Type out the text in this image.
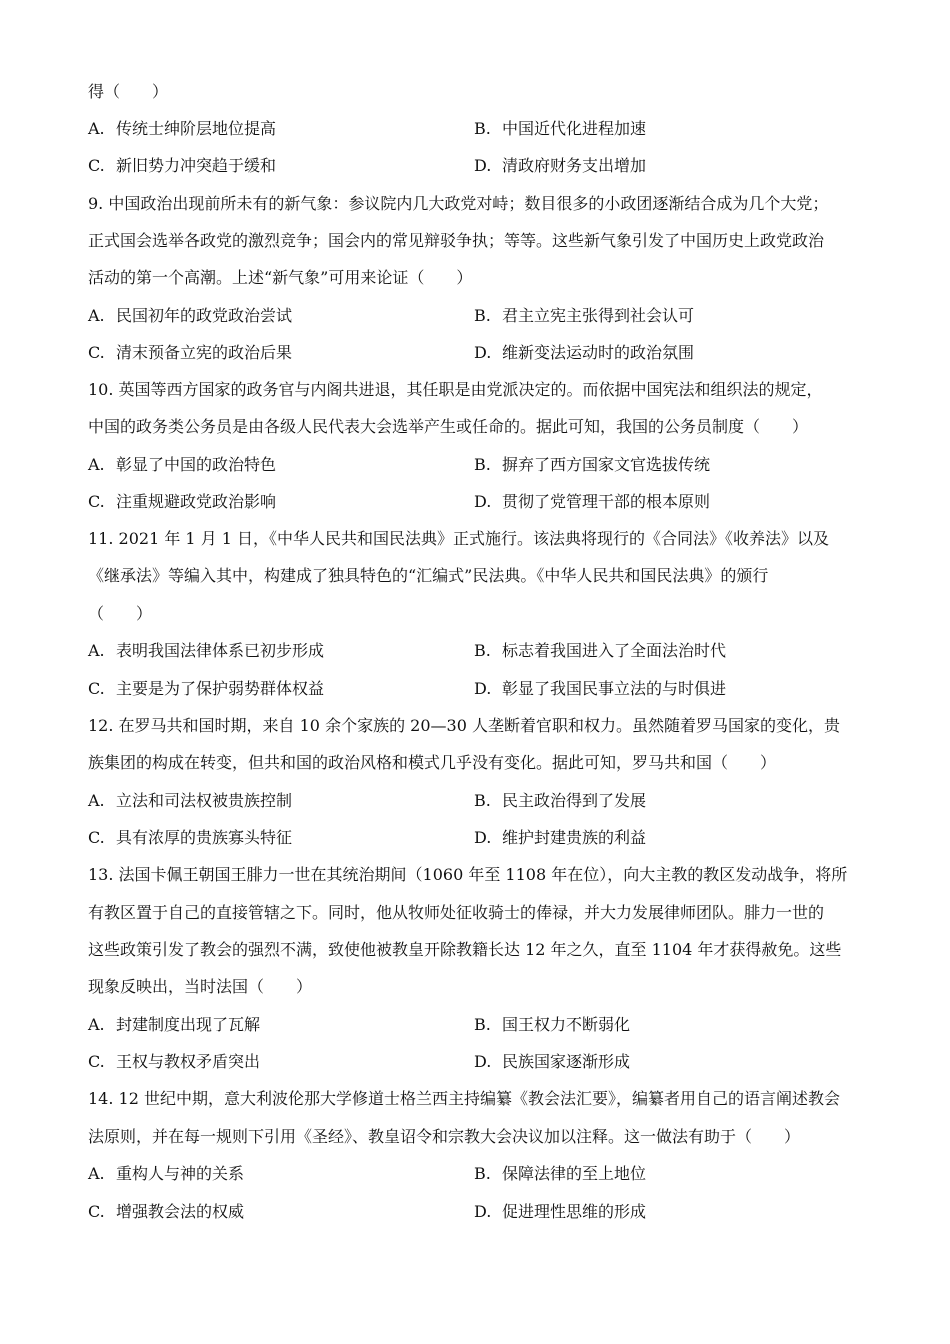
得（　　）
A. 传统士绅阶层地位提高	B. 中国近代化进程加速
C. 新旧势力冲突趋于缓和	D. 清政府财务支出增加
9. 中国政治出现前所未有的新气象：参议院内几大政党对峙；数目很多的小政团逐渐结合成为几个大党；
正式国会选举各政党的激烈竞争；国会内的常见辩驳争执；等等。这些新气象引发了中国历史上政党政治
活动的第一个高潮。上述“新气象”可用来论证（　　）
A. 民国初年的政党政治尝试	B. 君主立宪主张得到社会认可
C. 清末预备立宪的政治后果	D. 维新变法运动时的政治氛围
10. 英国等西方国家的政务官与内阁共进退，其任职是由党派决定的。而依据中国宪法和组织法的规定，
中国的政务类公务员是由各级人民代表大会选举产生或任命的。据此可知，我国的公务员制度（　　）
A. 彰显了中国的政治特色	B. 摒弃了西方国家文官选拔传统
C. 注重规避政党政治影响	D. 贯彻了党管理干部的根本原则
11. 2021 年 1 月 1 日，《中华人民共和国民法典》正式施行。该法典将现行的《合同法》《收养法》以及
《继承法》等编入其中，构建成了独具特色的“汇编式”民法典。《中华人民共和国民法典》的颁行
（　　）
A. 表明我国法律体系已初步形成	B. 标志着我国进入了全面法治时代
C. 主要是为了保护弱势群体权益	D. 彰显了我国民事立法的与时俱进
12. 在罗马共和国时期，来自 10 余个家族的 20—30 人垄断着官职和权力。虽然随着罗马国家的变化，贵
族集团的构成在转变，但共和国的政治风格和模式几乎没有变化。据此可知，罗马共和国（　　）
A. 立法和司法权被贵族控制	B. 民主政治得到了发展
C. 具有浓厚的贵族寡头特征	D. 维护封建贵族的利益
13. 法国卡佩王朝国王腓力一世在其统治期间（1060 年至 1108 年在位），向大主教的教区发动战争，将所
有教区置于自己的直接管辖之下。同时，他从牧师处征收骑士的俸禄，并大力发展律师团队。腓力一世的
这些政策引发了教会的强烈不满，致使他被教皇开除教籍长达 12 年之久，直至 1104 年才获得赦免。这些
现象反映出，当时法国（　　）
A. 封建制度出现了瓦解	B. 国王权力不断弱化
C. 王权与教权矛盾突出	D. 民族国家逐渐形成
14. 12 世纪中期，意大利波伦那大学修道士格兰西主持编纂《教会法汇要》，编纂者用自己的语言阐述教会
法原则，并在每一规则下引用《圣经》、教皇诏令和宗教大会决议加以注释。这一做法有助于（　　）
A. 重构人与神的关系	B. 保障法律的至上地位
C. 增强教会法的权威	D. 促进理性思维的形成
